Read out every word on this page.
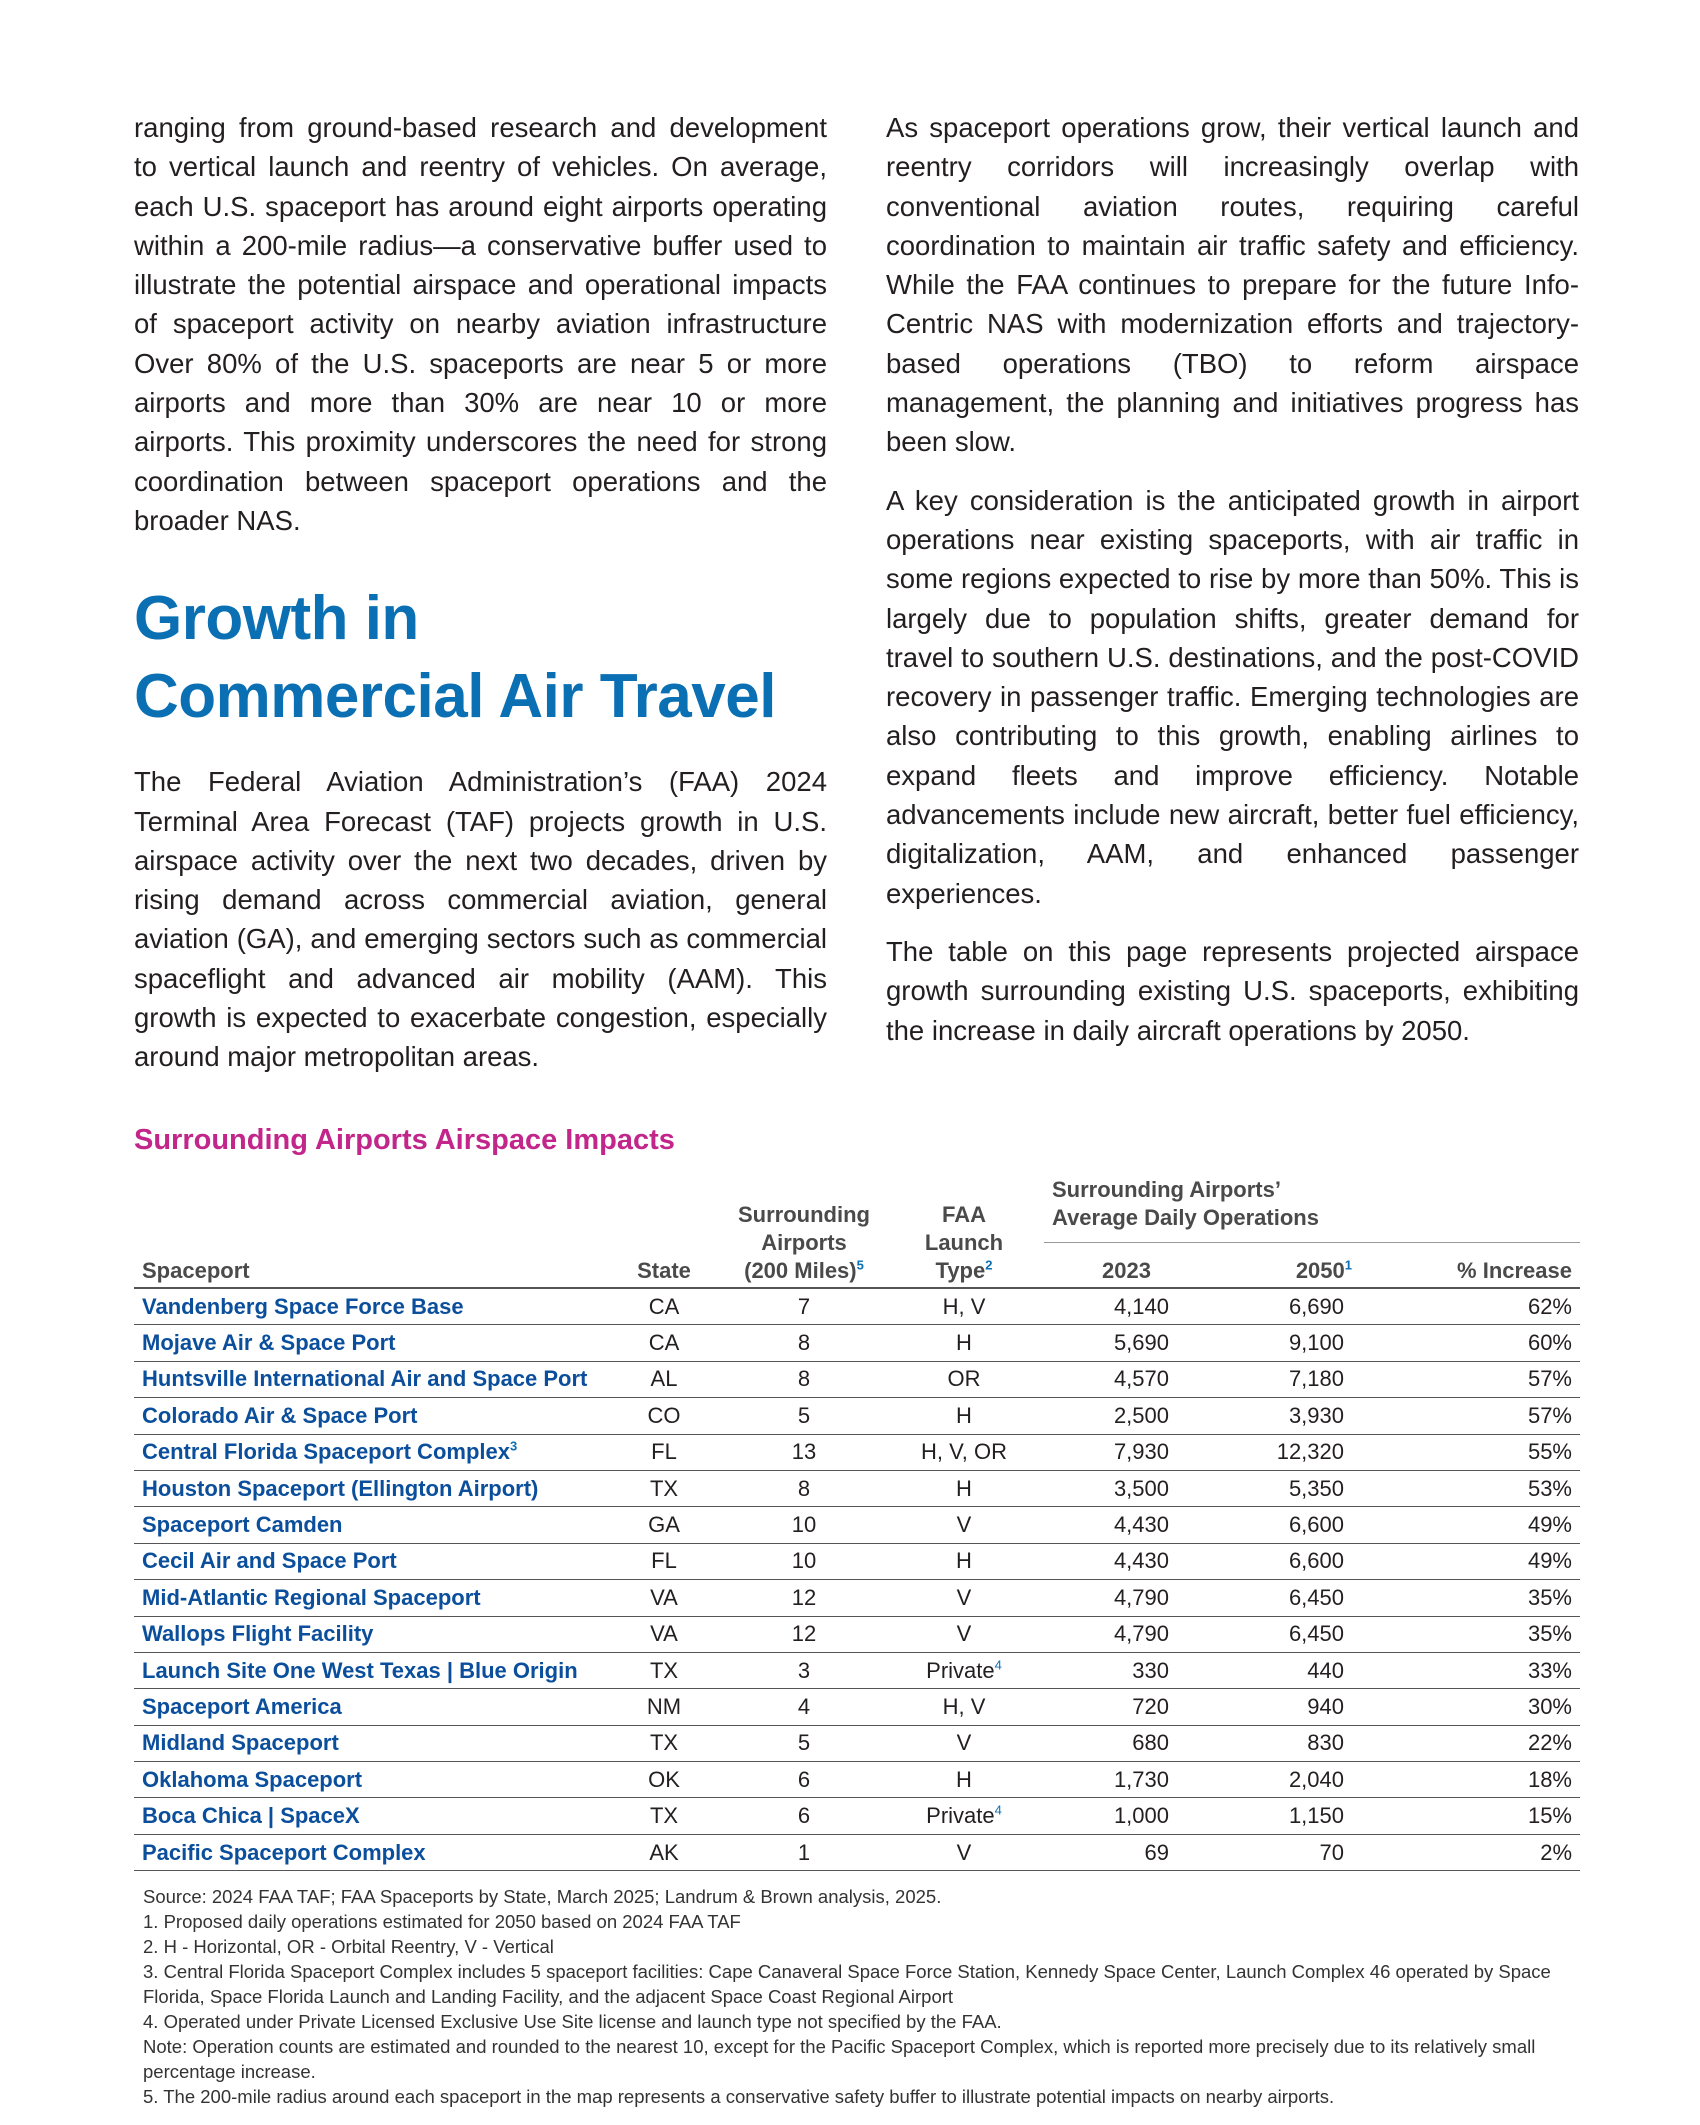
ranging from ground-based research and development to vertical launch and reentry of vehicles. On average, each U.S. spaceport has around eight airports operating within a 200-mile radius—a conservative buffer used to illustrate the potential airspace and operational impacts of spaceport activity on nearby aviation infrastructure Over 80% of the U.S. spaceports are near 5 or more airports and more than 30% are near 10 or more airports. This proximity underscores the need for strong coordination between spaceport operations and the broader NAS.

Growth in
Commercial Air Travel

The Federal Aviation Administration’s (FAA) 2024 Terminal Area Forecast (TAF) projects growth in U.S. airspace activity over the next two decades, driven by rising demand across commercial aviation, general aviation (GA), and emerging sectors such as commercial spaceflight and advanced air mobility (AAM). This growth is expected to exacerbate congestion, especially around major metropolitan areas.

As spaceport operations grow, their vertical launch and reentry corridors will increasingly overlap with conventional aviation routes, requiring careful coordination to maintain air traffic safety and efficiency. While the FAA continues to prepare for the future Info-Centric NAS with modernization efforts and trajectory-based operations (TBO) to reform airspace management, the planning and initiatives progress has been slow.

A key consideration is the anticipated growth in airport operations near existing spaceports, with air traffic in some regions expected to rise by more than 50%. This is largely due to population shifts, greater demand for travel to southern U.S. destinations, and the post-COVID recovery in passenger traffic. Emerging technologies are also contributing to this growth, enabling airlines to expand fleets and improve efficiency. Notable advancements include new aircraft, better fuel efficiency, digitalization, AAM, and enhanced passenger experiences.

The table on this page represents projected airspace growth surrounding existing U.S. spaceports, exhibiting the increase in daily aircraft operations by 2050.

Surrounding Airports Airspace Impacts
Spaceport	State	Surrounding
Airports
(200 Miles)$^5$	FAA
Launch
Type$^2$	Surrounding Airports’
Average Daily Operations		
				2023	2050$^1$	% Increase
Vandenberg Space Force Base	CA	7	H, V	4,140	6,690	62%
Mojave Air & Space Port	CA	8	H	5,690	9,100	60%
Huntsville International Air and Space Port	AL	8	OR	4,570	7,180	57%
Colorado Air & Space Port	CO	5	H	2,500	3,930	57%
Central Florida Spaceport Complex$^3$	FL	13	H, V, OR	7,930	12,320	55%
Houston Spaceport (Ellington Airport)	TX	8	H	3,500	5,350	53%
Spaceport Camden	GA	10	V	4,430	6,600	49%
Cecil Air and Space Port	FL	10	H	4,430	6,600	49%
Mid-Atlantic Regional Spaceport	VA	12	V	4,790	6,450	35%
Wallops Flight Facility	VA	12	V	4,790	6,450	35%
Launch Site One West Texas | Blue Origin	TX	3	Private$^4$	330	440	33%
Spaceport America	NM	4	H, V	720	940	30%
Midland Spaceport	TX	5	V	680	830	22%
Oklahoma Spaceport	OK	6	H	1,730	2,040	18%
Boca Chica | SpaceX	TX	6	Private$^4$	1,000	1,150	15%
Pacific Spaceport Complex	AK	1	V	69	70	2%
Source: 2024 FAA TAF; FAA Spaceports by State, March 2025; Landrum & Brown analysis, 2025.
1. Proposed daily operations estimated for 2050 based on 2024 FAA TAF
2. H - Horizontal, OR - Orbital Reentry, V - Vertical
3. Central Florida Spaceport Complex includes 5 spaceport facilities: Cape Canaveral Space Force Station, Kennedy Space Center, Launch Complex 46 operated by Space Florida, Space Florida Launch and Landing Facility, and the adjacent Space Coast Regional Airport
4. Operated under Private Licensed Exclusive Use Site license and launch type not specified by the FAA.
Note: Operation counts are estimated and rounded to the nearest 10, except for the Pacific Spaceport Complex, which is reported more precisely due to its relatively small percentage increase.
5. The 200-mile radius around each spaceport in the map represents a conservative safety buffer to illustrate potential impacts on nearby airports.
